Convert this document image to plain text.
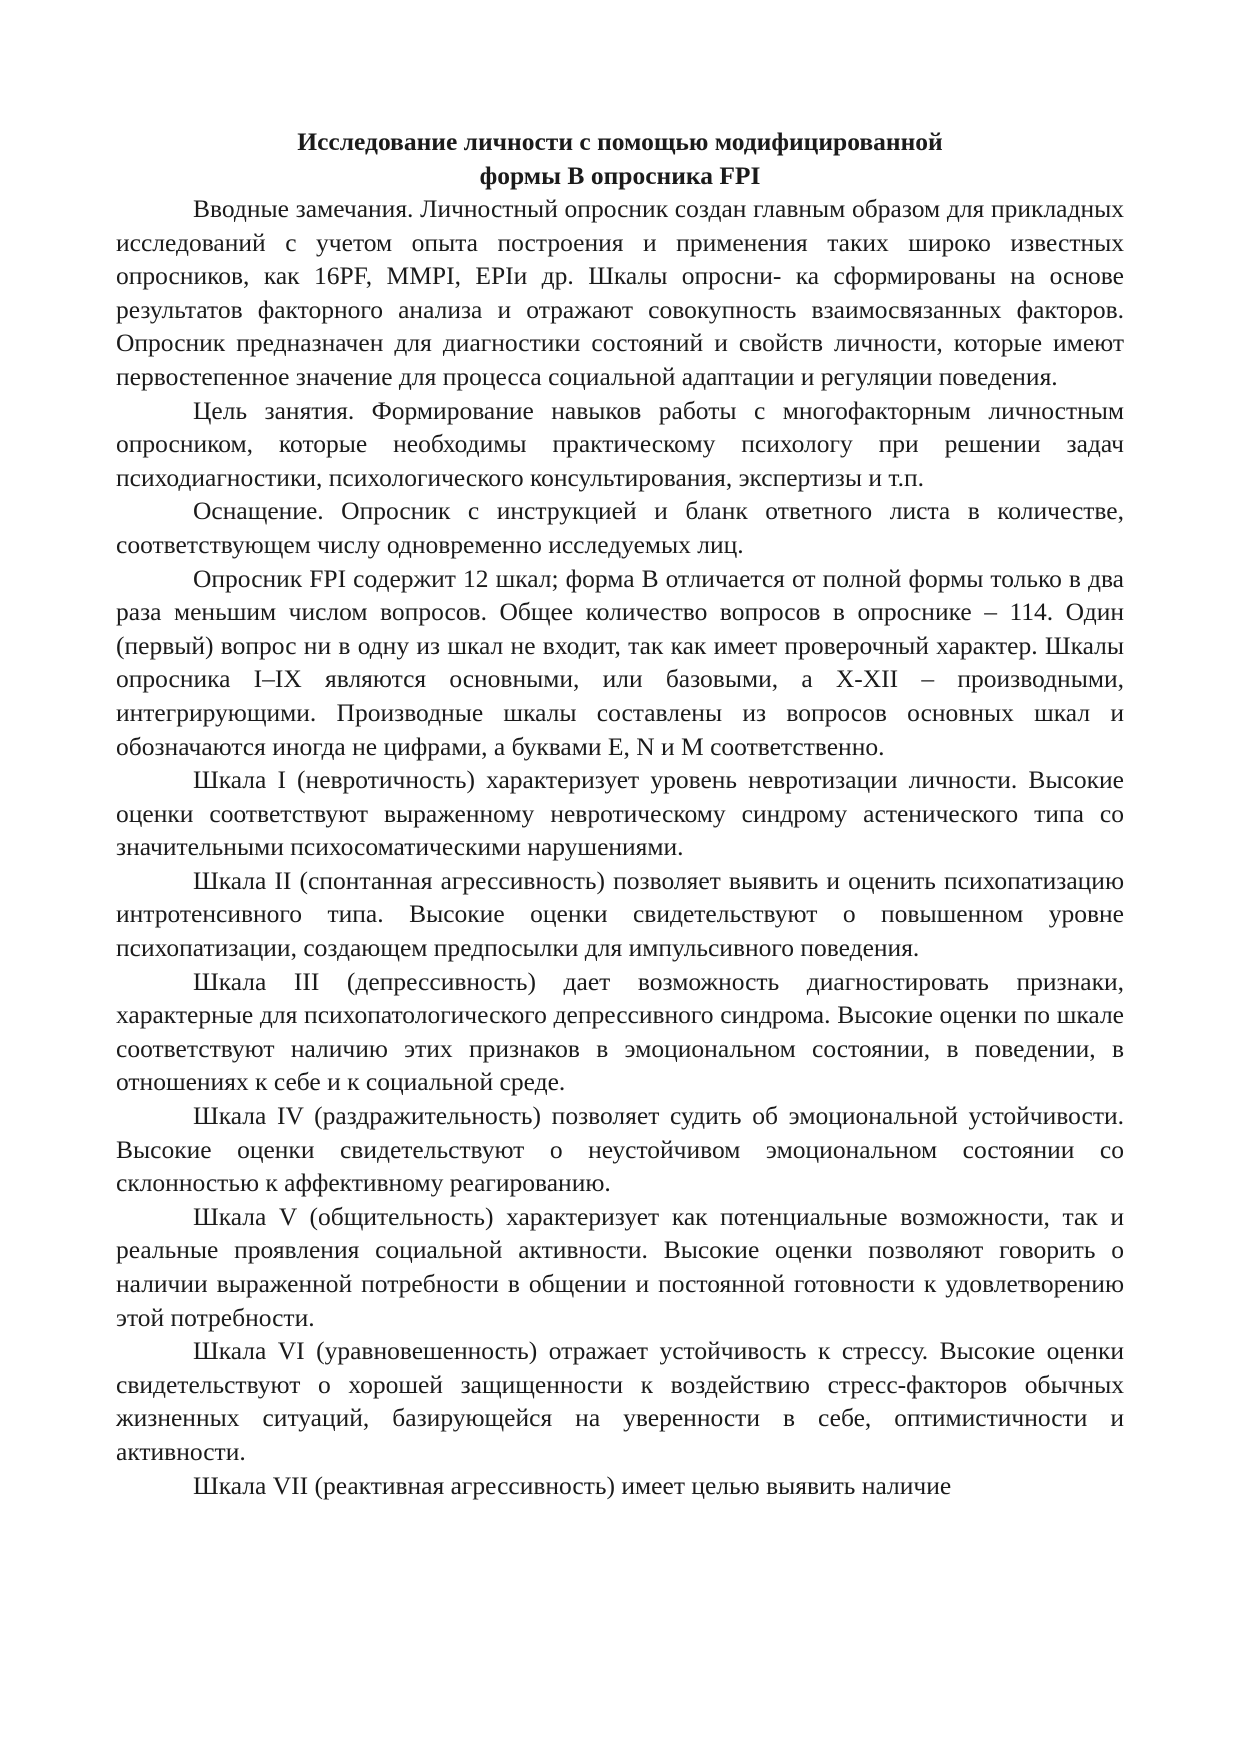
Исследование личности с помощью модифицированной
формы В опросника FPI

Вводные замечания. Личностный опросник создан главным образом для прикладных исследований с учетом опыта построения и применения таких широко известных опросников, как 16PF, MMPI, EPIи др. Шкалы опросни- ка сформированы на основе результатов факторного анализа и отражают совокупность взаимосвязанных факторов. Опросник предназначен для диагностики состояний и свойств личности, которые имеют первостепенное значение для процесса социальной адаптации и регуляции поведения.

Цель занятия. Формирование навыков работы с многофакторным личностным опросником, которые необходимы практическому психологу при решении задач психодиагностики, психологического консультирования, экспертизы и т.п.

Оснащение. Опросник с инструкцией и бланк ответного листа в количестве, соответствующем числу одновременно исследуемых лиц.

Опросник FPI содержит 12 шкал; форма В отличается от полной формы только в два раза меньшим числом вопросов. Общее количество вопросов в опроснике – 114. Один (первый) вопрос ни в одну из шкал не входит, так как имеет проверочный характер. Шкалы опросника I–IX являются основными, или базовыми, а X-XII – производными, интегрирующими. Производные шкалы составлены из вопросов основных шкал и обозначаются иногда не цифрами, а буквами E, N и M соответственно.

Шкала I (невротичность) характеризует уровень невротизации личности. Высокие оценки соответствуют выраженному невротическому синдрому астенического типа со значительными психосоматическими нарушениями.

Шкала II (спонтанная агрессивность) позволяет выявить и оценить психопатизацию интротенсивного типа. Высокие оценки свидетельствуют о повышенном уровне психопатизации, создающем предпосылки для импульсивного поведения.

Шкала III (депрессивность) дает возможность диагностировать признаки, характерные для психопатологического депрессивного синдрома. Высокие оценки по шкале соответствуют наличию этих признаков в эмоциональном состоянии, в поведении, в отношениях к себе и к социальной среде.

Шкала IV (раздражительность) позволяет судить об эмоциональной устойчивости. Высокие оценки свидетельствуют о неустойчивом эмоциональном состоянии со склонностью к аффективному реагированию.

Шкала V (общительность) характеризует как потенциальные возможности, так и реальные проявления социальной активности. Высокие оценки позволяют говорить о наличии выраженной потребности в общении и постоянной готовности к удовлетворению этой потребности.

Шкала VI (уравновешенность) отражает устойчивость к стрессу. Высокие оценки свидетельствуют о хорошей защищенности к воздействию стресс-факторов обычных жизненных ситуаций, базирующейся на уверенности в себе, оптимистичности и активности.

Шкала VII (реактивная агрессивность) имеет целью выявить наличие
